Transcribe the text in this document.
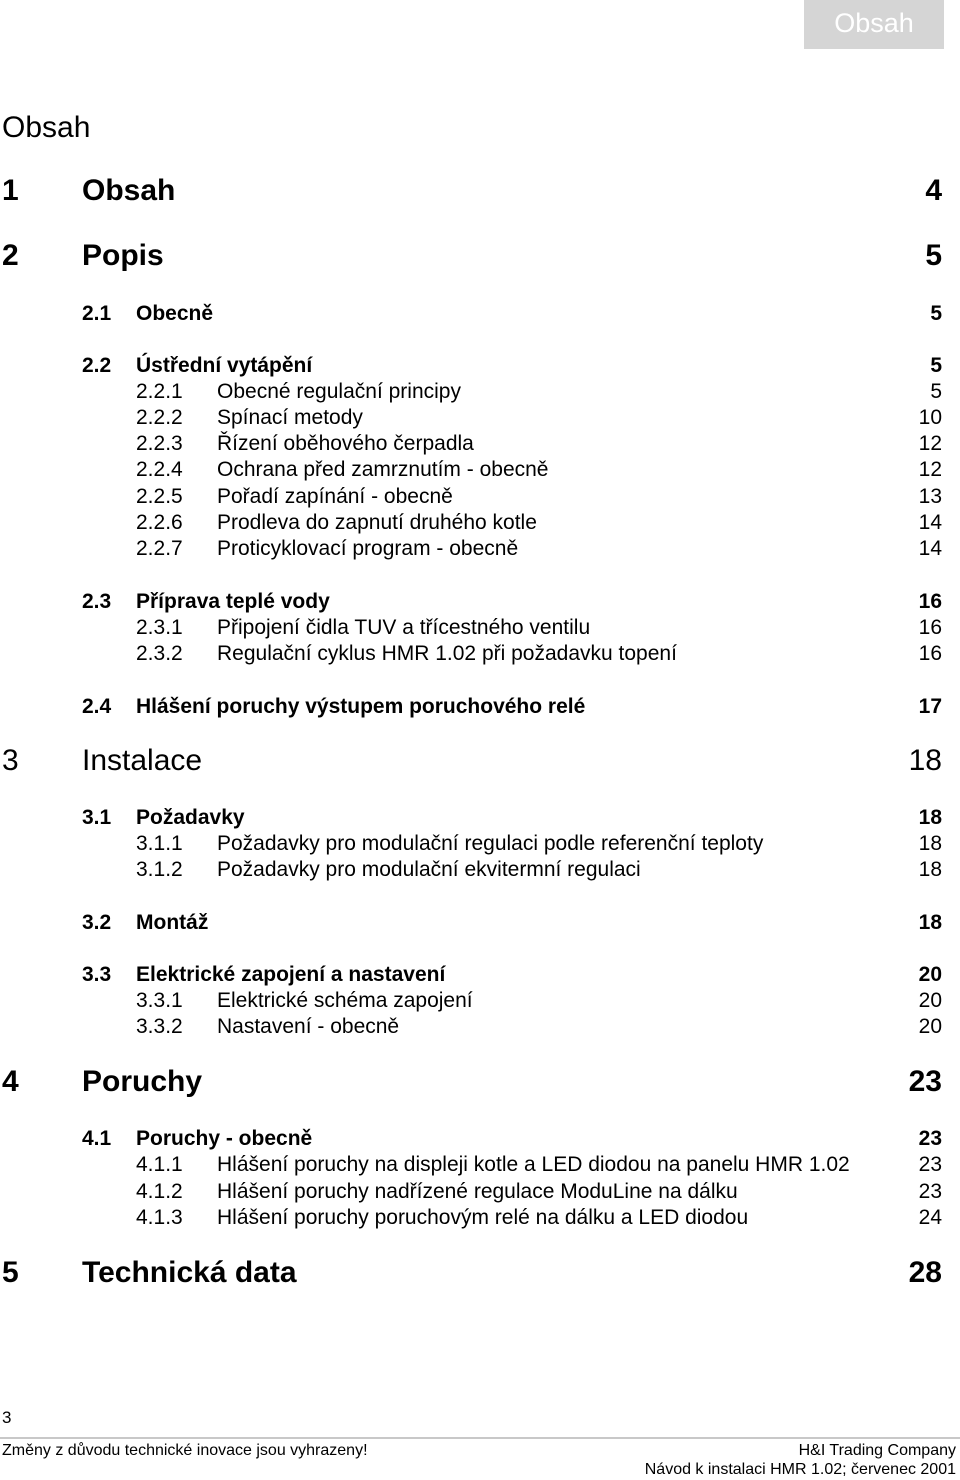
Obsah
Obsah
1 Obsah	4
2 Popis	5
2.1 Obecně	5
2.2 Ústřední vytápění	5
2.2.1 Obecné regulační principy	5
2.2.2 Spínací metody	10
2.2.3 Řízení oběhového čerpadla	12
2.2.4 Ochrana před zamrznutím - obecně	12
2.2.5 Pořadí zapínání - obecně	13
2.2.6 Prodleva do zapnutí druhého kotle	14
2.2.7 Proticyklovací program - obecně	14
2.3 Příprava teplé vody	16
2.3.1 Připojení čidla TUV a třícestného ventilu	16
2.3.2 Regulační cyklus HMR 1.02 při požadavku topení	16
2.4 Hlášení poruchy výstupem poruchového relé	17
3 Instalace	18
3.1 Požadavky	18
3.1.1 Požadavky pro modulační regulaci podle referenční teploty	18
3.1.2 Požadavky pro modulační ekvitermní regulaci	18
3.2 Montáž	18
3.3 Elektrické zapojení a nastavení	20
3.3.1 Elektrické schéma zapojení	20
3.3.2 Nastavení - obecně	20
4 Poruchy	23
4.1 Poruchy - obecně	23
4.1.1 Hlášení poruchy na displeji kotle a LED diodou na panelu HMR 1.02	23
4.1.2 Hlášení poruchy nadřízené regulace ModuLine na dálku	23
4.1.3 Hlášení poruchy poruchovým relé na dálku a LED diodou	24
5 Technická data	28
3
Změny z důvodu technické inovace jsou vyhrazeny!	H&I Trading Company
Návod k instalaci HMR 1.02; červenec 2001
